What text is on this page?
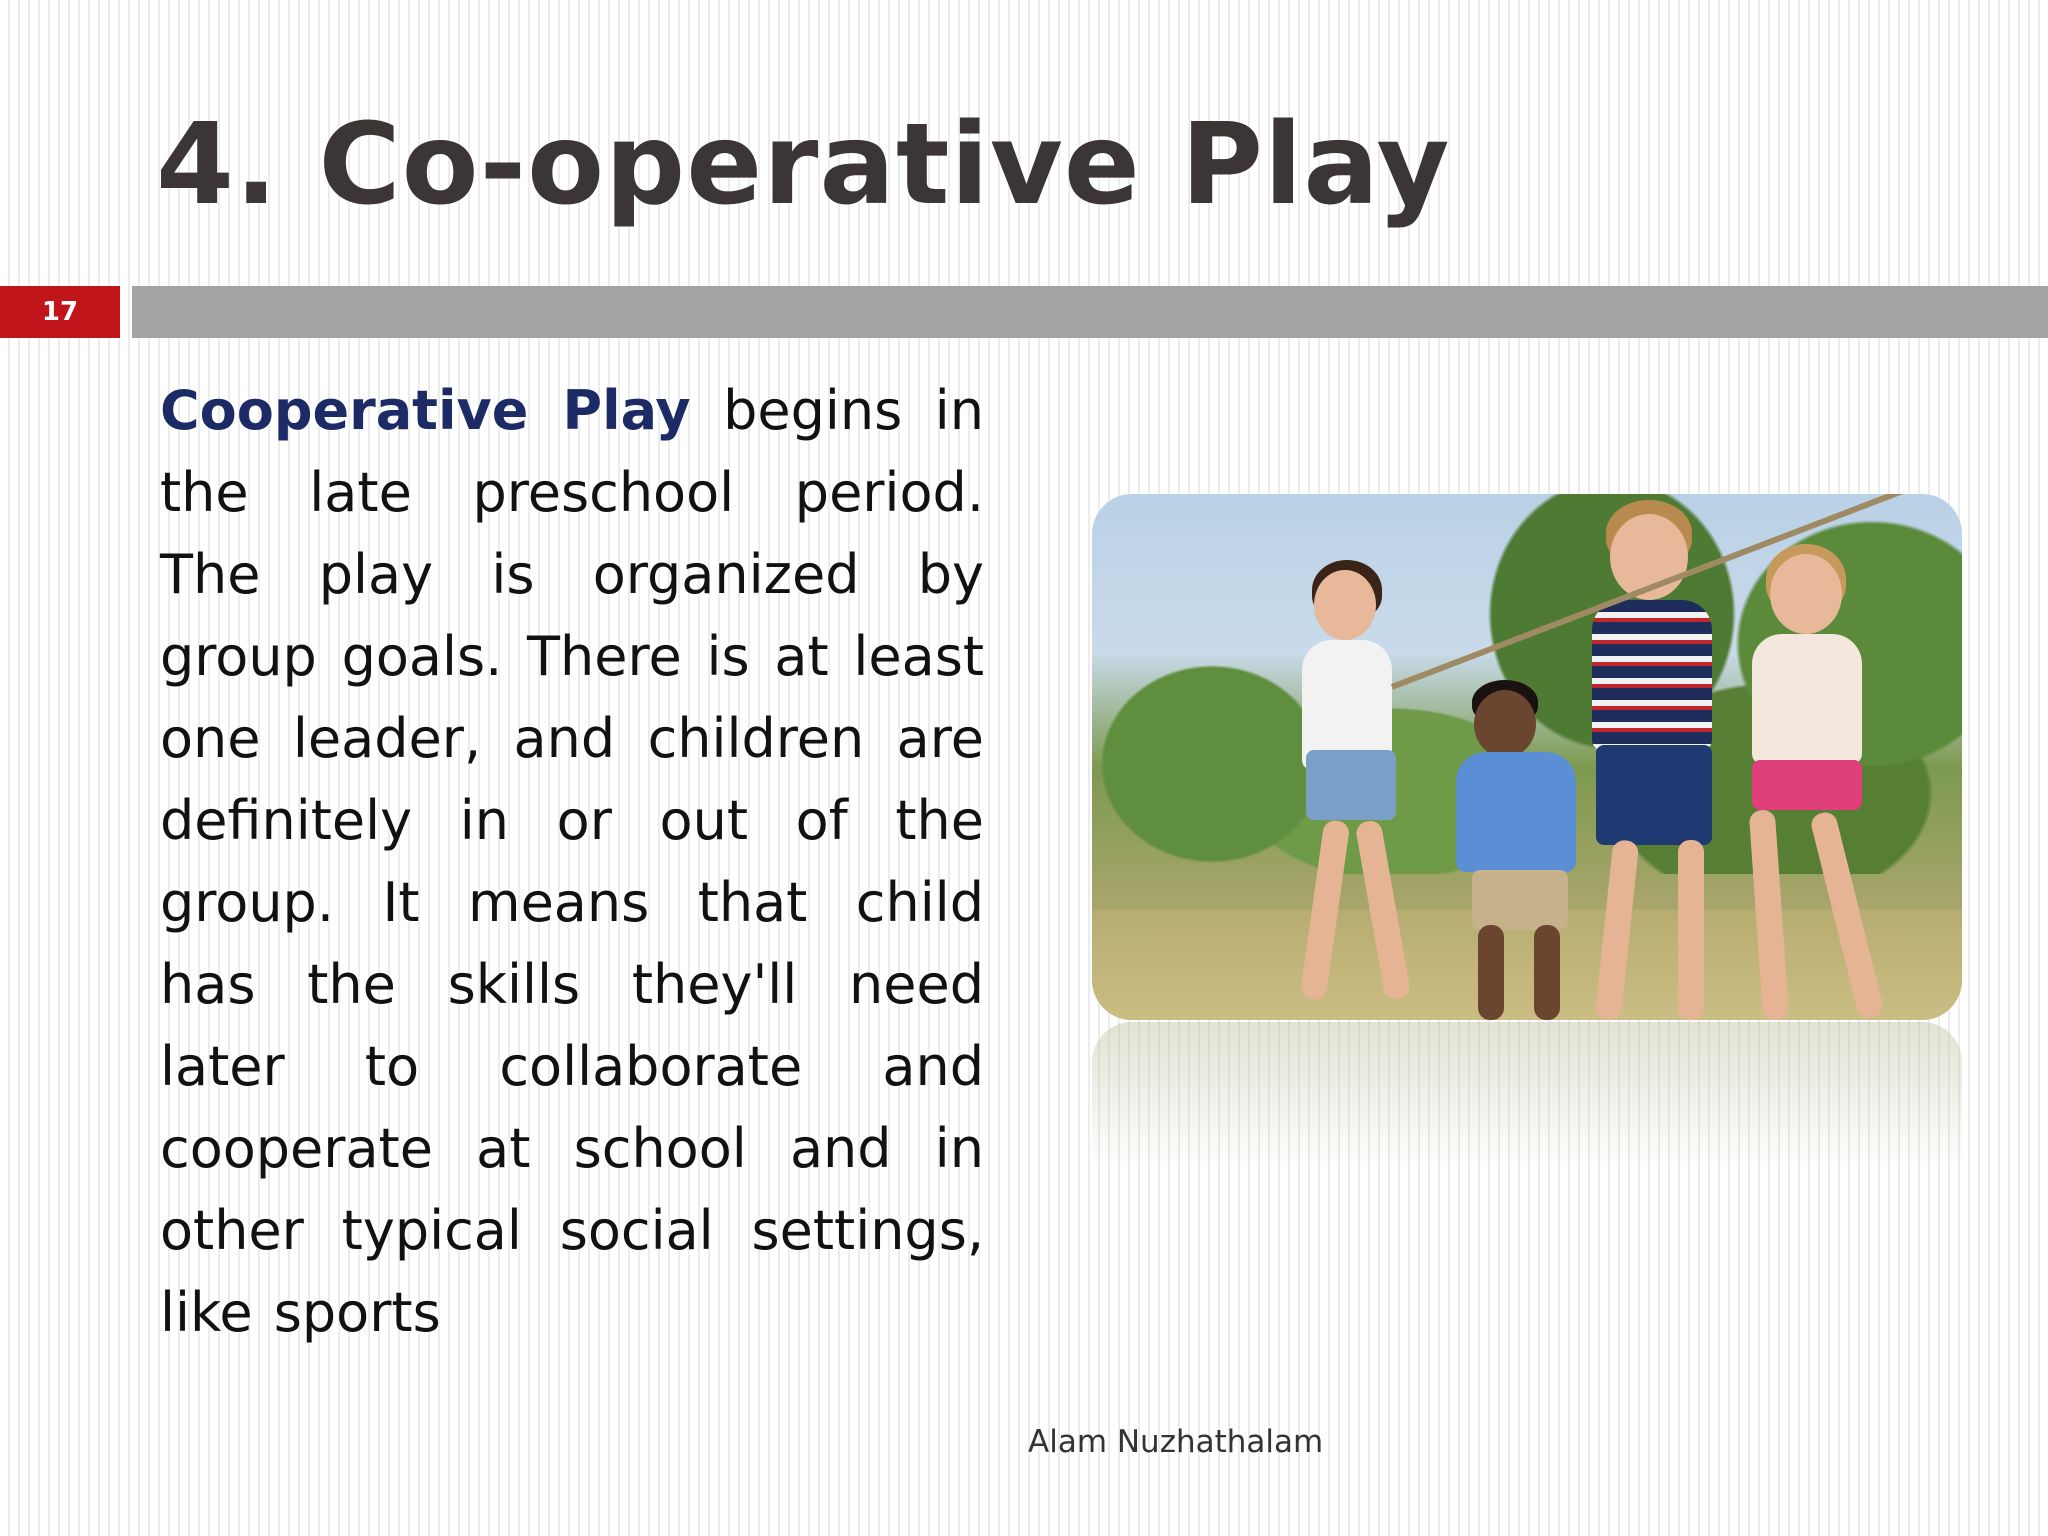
4. Co-operative Play
17

Cooperative Play begins in the late preschool period. The play is organized by group goals. There is at least one leader, and children are definitely in or out of the group. It means that child has the skills they'll need later to collaborate and cooperate at school and in other typical social settings, like sports

Alam Nuzhathalam
